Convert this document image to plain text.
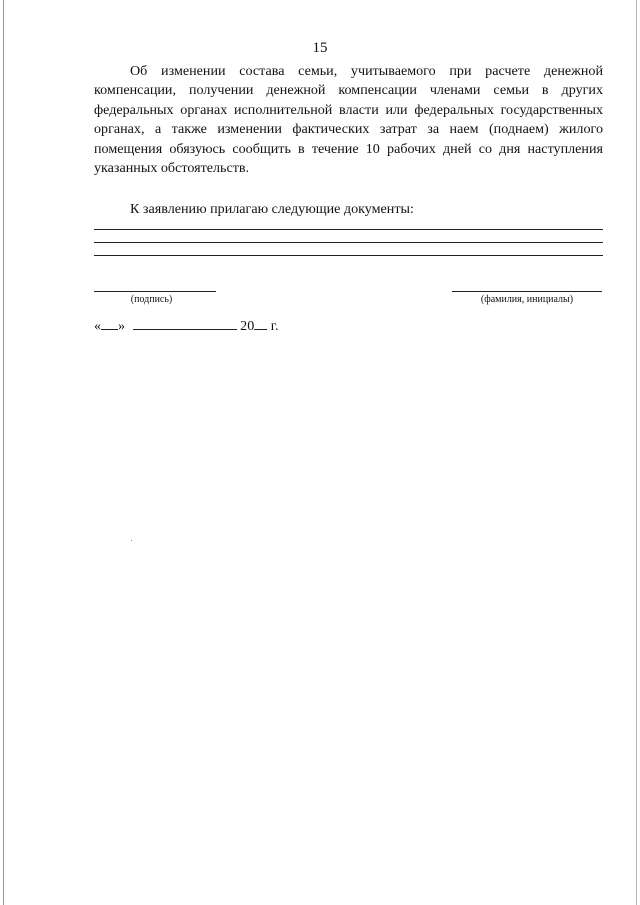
15

Об изменении состава семьи, учитываемого при расчете денежной компенсации, получении денежной компенсации членами семьи в других федеральных органах исполнительной власти или федеральных государственных органах, а также изменении фактических затрат за наем (поднаем) жилого помещения обязуюсь сообщить в течение 10 рабочих дней со дня наступления указанных обстоятельств.

К заявлению прилагаю следующие документы:
(подпись)	(фамилия, инициалы)
« »	20 г.
